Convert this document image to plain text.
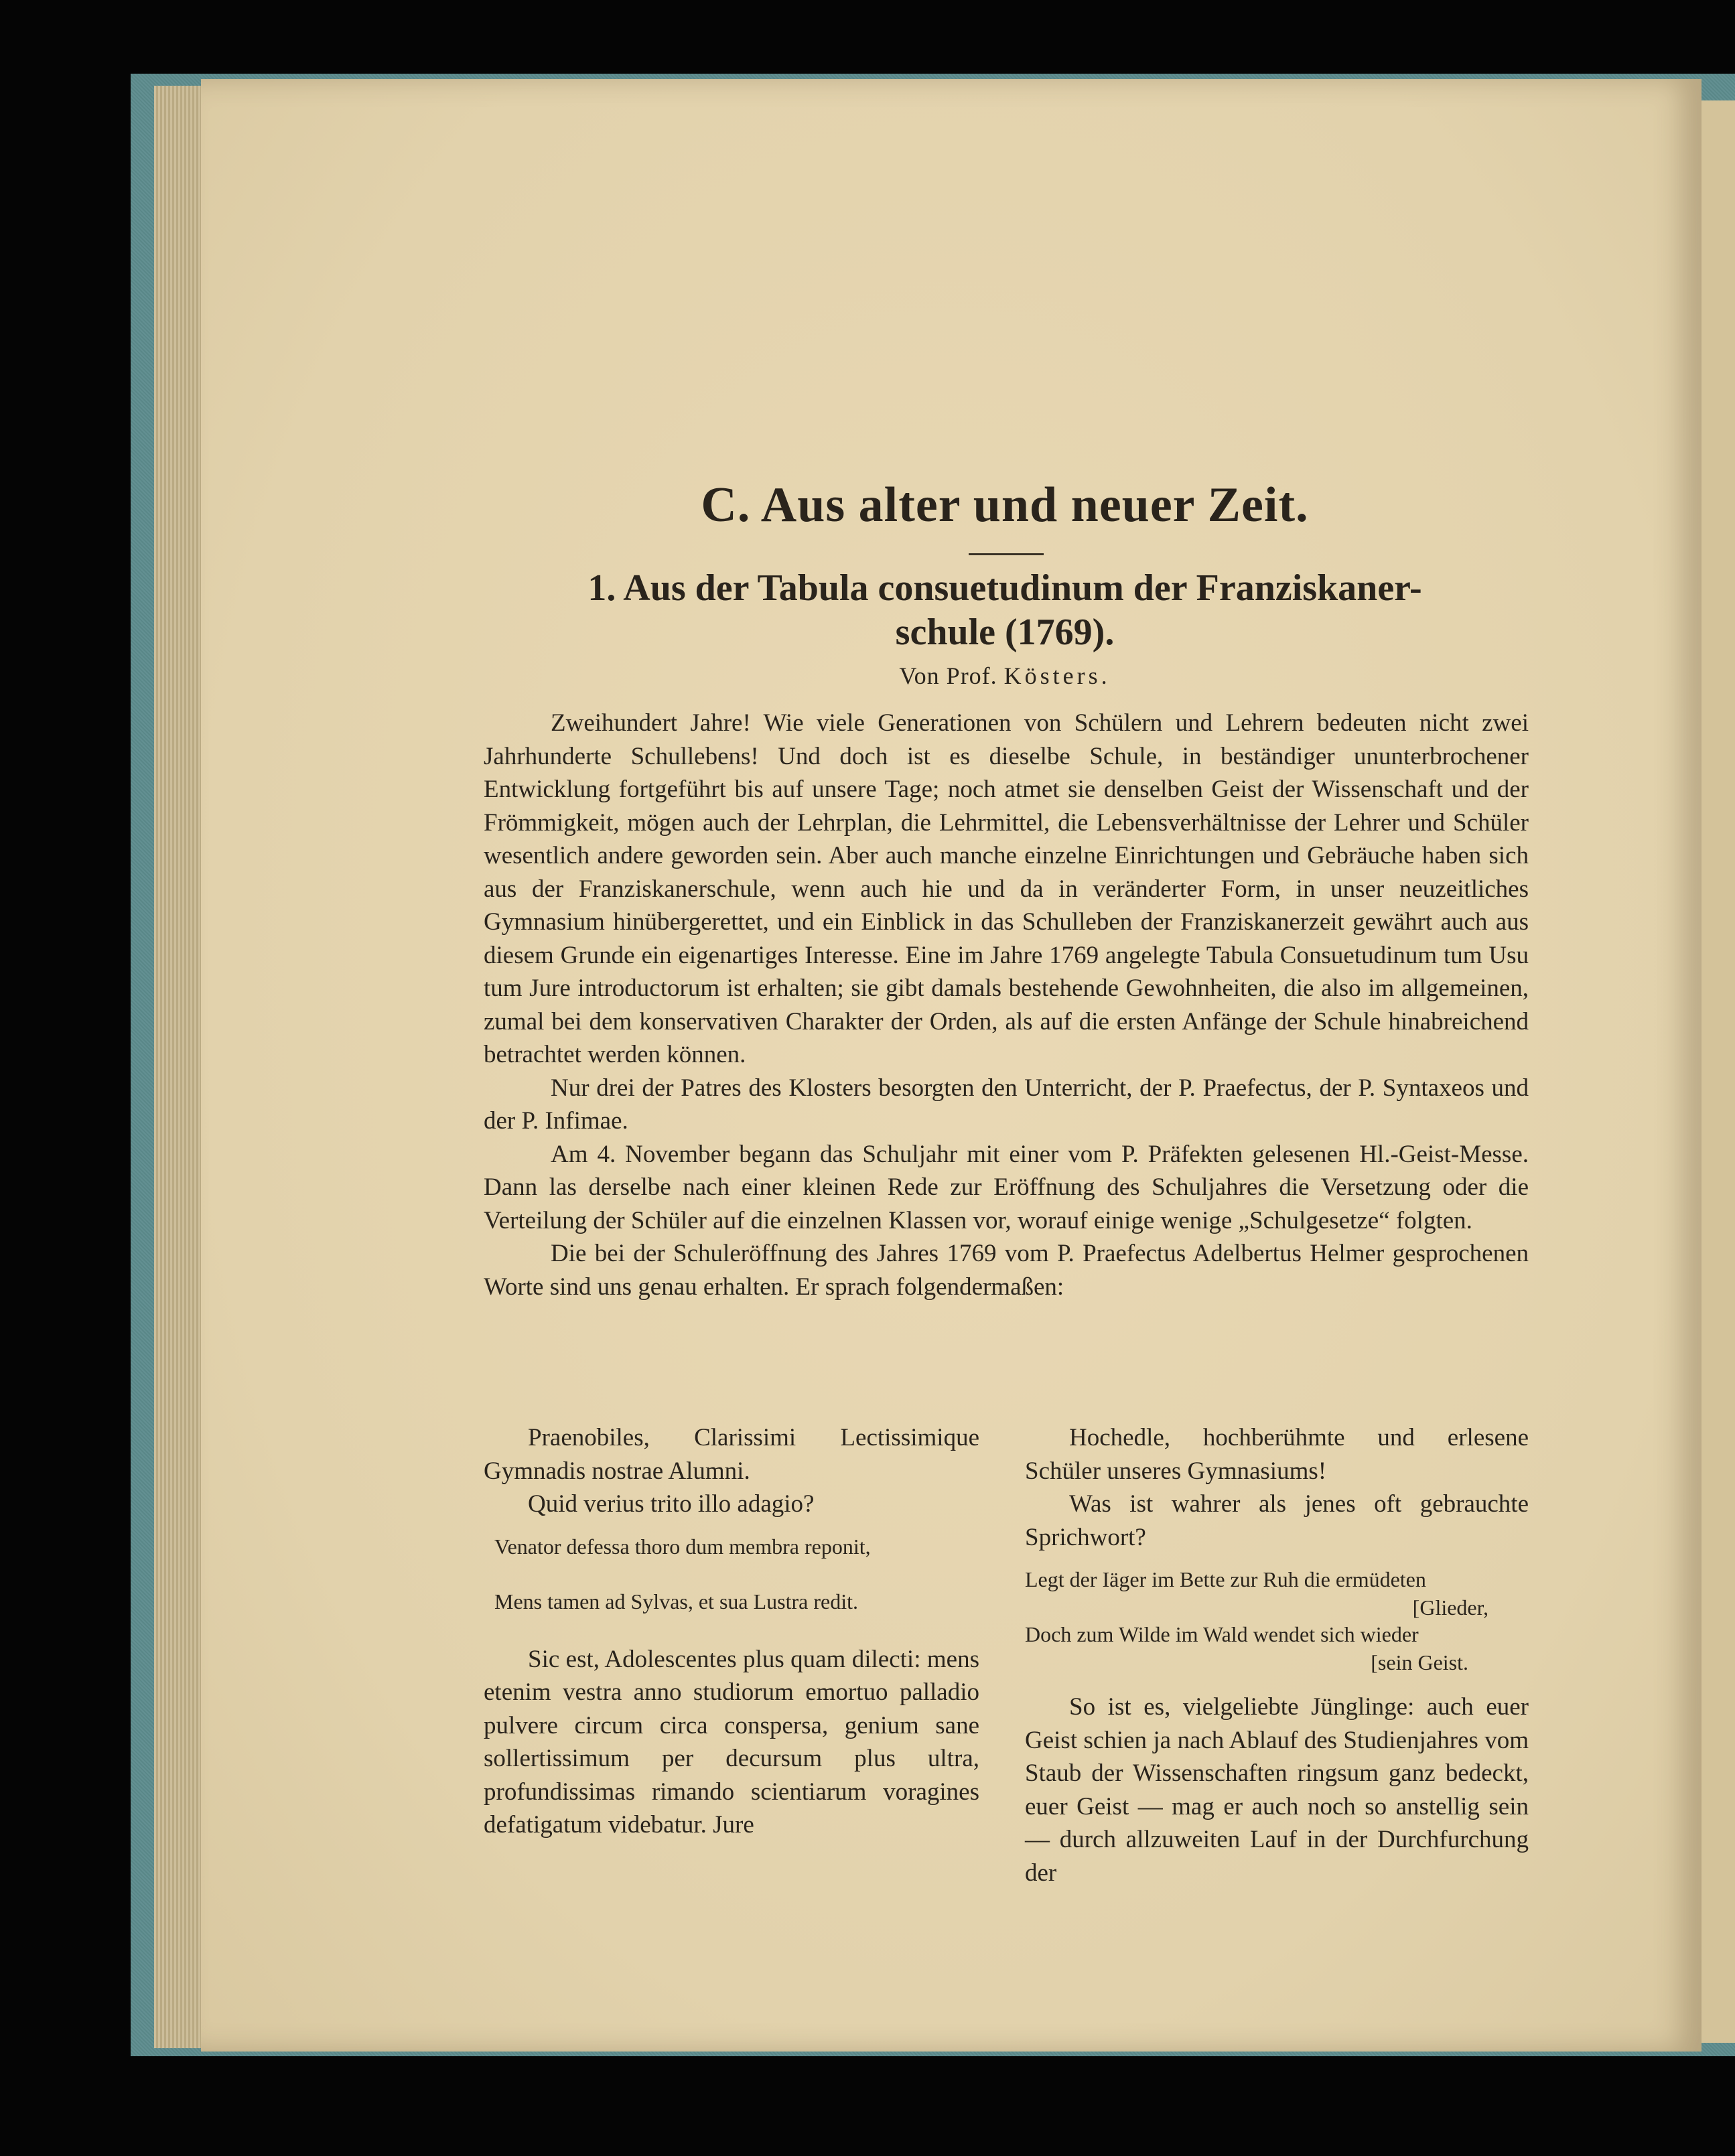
C. Aus alter und neuer Zeit.
1. Aus der Tabula consuetudinum der Franziskaner-
schule (1769).
Von Prof. Kösters.

Zweihundert Jahre! Wie viele Generationen von Schülern und Lehrern bedeuten nicht zwei Jahrhunderte Schullebens! Und doch ist es dieselbe Schule, in beständiger ununterbrochener Entwicklung fortgeführt bis auf unsere Tage; noch atmet sie denselben Geist der Wissenschaft und der Frömmigkeit, mögen auch der Lehrplan, die Lehrmittel, die Lebensverhältnisse der Lehrer und Schüler wesentlich andere geworden sein. Aber auch manche einzelne Einrichtungen und Gebräuche haben sich aus der Franziskanerschule, wenn auch hie und da in veränderter Form, in unser neuzeitliches Gymnasium hinübergerettet, und ein Einblick in das Schulleben der Franziskanerzeit gewährt auch aus diesem Grunde ein eigenartiges Interesse. Eine im Jahre 1769 angelegte Tabula Consuetudinum tum Usu tum Jure introductorum ist erhalten; sie gibt damals bestehende Gewohnheiten, die also im allgemeinen, zumal bei dem konservativen Charakter der Orden, als auf die ersten Anfänge der Schule hinabreichend betrachtet werden können.

Nur drei der Patres des Klosters besorgten den Unterricht, der P. Praefectus, der P. Syntaxeos und der P. Infimae.

Am 4. November begann das Schuljahr mit einer vom P. Präfekten gelesenen Hl.-Geist-Messe. Dann las derselbe nach einer kleinen Rede zur Eröffnung des Schuljahres die Versetzung oder die Verteilung der Schüler auf die einzelnen Klassen vor, worauf einige wenige „Schulgesetze“ folgten.

Die bei der Schuleröffnung des Jahres 1769 vom P. Praefectus Adelbertus Helmer gesprochenen Worte sind uns genau erhalten. Er sprach folgendermaßen:

Praenobiles, Clarissimi Lectissimique Gymnadis nostrae Alumni.

Quid verius trito illo adagio?

Venator defessa thoro dum membra reponit,
Mens tamen ad Sylvas, et sua Lustra redit.

Sic est, Adolescentes plus quam dilecti: mens etenim vestra anno studiorum emortuo palladio pulvere circum circa conspersa, genium sane sollertissimum per decursum plus ultra, profundissimas rimando scientiarum voragines defatigatum videbatur. Jure

Hochedle, hochberühmte und erlesene Schüler unseres Gymnasiums!

Was ist wahrer als jenes oft gebrauchte Sprichwort?

Legt der Iäger im Bette zur Ruh die ermüdeten
[Glieder,
Doch zum Wilde im Wald wendet sich wieder
[sein Geist.

So ist es, vielgeliebte Jünglinge: auch euer Geist schien ja nach Ablauf des Studienjahres vom Staub der Wissenschaften ringsum ganz bedeckt, euer Geist — mag er auch noch so anstellig sein — durch allzuweiten Lauf in der Durchfurchung der
